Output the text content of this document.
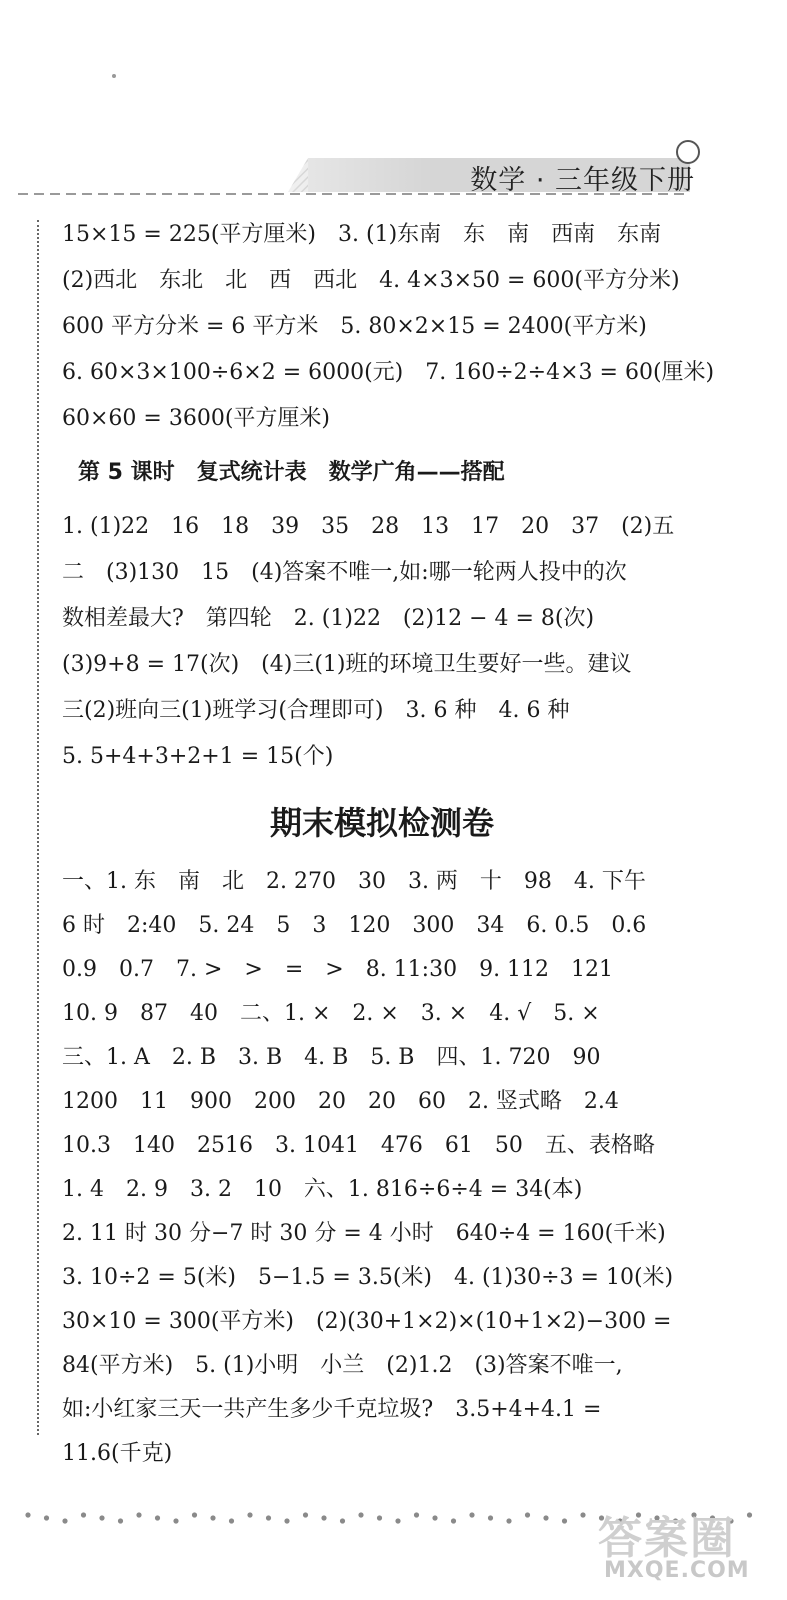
数学 · 三年级下册
15×15 = 225(平方厘米)　3. (1)东南　东　南　西南　东南
(2)西北　东北　北　西　西北　4. 4×3×50 = 600(平方分米)
600 平方分米 = 6 平方米　5. 80×2×15 = 2400(平方米)
6. 60×3×100÷6×2 = 6000(元)　7. 160÷2÷4×3 = 60(厘米)
60×60 = 3600(平方厘米)
第 5 课时　复式统计表　数学广角——搭配
1. (1)22　16　18　39　35　28　13　17　20　37　(2)五
二　(3)130　15　(4)答案不唯一,如:哪一轮两人投中的次
数相差最大?　第四轮　2. (1)22　(2)12 − 4 = 8(次)
(3)9+8 = 17(次)　(4)三(1)班的环境卫生要好一些。建议
三(2)班向三(1)班学习(合理即可)　3. 6 种　4. 6 种
5. 5+4+3+2+1 = 15(个)
期末模拟检测卷
一、1. 东　南　北　2. 270　30　3. 两　十　98　4. 下午
6 时　2:40　5. 24　5　3　120　300　34　6. 0.5　0.6
0.9　0.7　7. >　>　=　>　8. 11:30　9. 112　121
10. 9　87　40　二、1. ×　2. ×　3. ×　4. √　5. ×
三、1. A　2. B　3. B　4. B　5. B　四、1. 720　90
1200　11　900　200　20　20　60　2. 竖式略　2.4
10.3　140　2516　3. 1041　476　61　50　五、表格略
1. 4　2. 9　3. 2　10　六、1. 816÷6÷4 = 34(本)
2. 11 时 30 分−7 时 30 分 = 4 小时　640÷4 = 160(千米)
3. 10÷2 = 5(米)　5−1.5 = 3.5(米)　4. (1)30÷3 = 10(米)
30×10 = 300(平方米)　(2)(30+1×2)×(10+1×2)−300 =
84(平方米)　5. (1)小明　小兰　(2)1.2　(3)答案不唯一,
如:小红家三天一共产生多少千克垃圾?　3.5+4+4.1 =
11.6(千克)
答案圈
MXQE.COM
